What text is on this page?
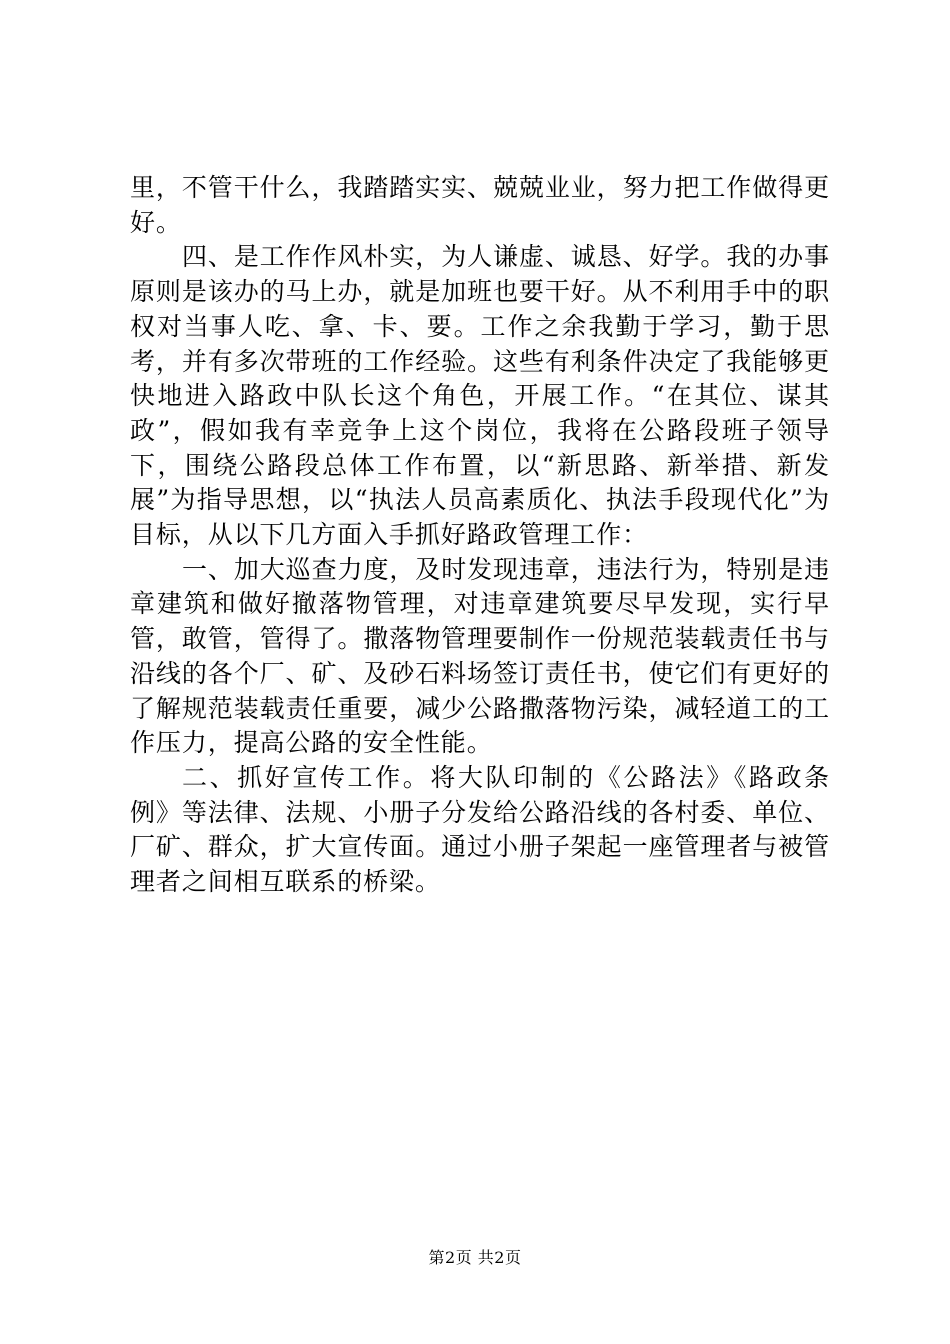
里，不管干什么，我踏踏实实、兢兢业业，努力把工作做得更好。

四、是工作作风朴实，为人谦虚、诚恳、好学。我的办事原则是该办的马上办，就是加班也要干好。从不利用手中的职权对当事人吃、拿、卡、要。工作之余我勤于学习，勤于思考，并有多次带班的工作经验。这些有利条件决定了我能够更快地进入路政中队长这个角色，开展工作。“在其位、谋其政”，假如我有幸竞争上这个岗位，我将在公路段班子领导下，围绕公路段总体工作布置，以“新思路、新举措、新发展”为指导思想，以“执法人员高素质化、执法手段现代化”为目标，从以下几方面入手抓好路政管理工作：

一、加大巡查力度，及时发现违章，违法行为，特别是违章建筑和做好撤落物管理，对违章建筑要尽早发现，实行早管，敢管，管得了。撒落物管理要制作一份规范装载责任书与沿线的各个厂、矿、及砂石料场签订责任书，使它们有更好的了解规范装载责任重要，减少公路撒落物污染，减轻道工的工作压力，提高公路的安全性能。

二、抓好宣传工作。将大队印制的《公路法》《路政条例》等法律、法规、小册子分发给公路沿线的各村委、单位、厂矿、群众，扩大宣传面。通过小册子架起一座管理者与被管理者之间相互联系的桥梁。

第2页 共2页
